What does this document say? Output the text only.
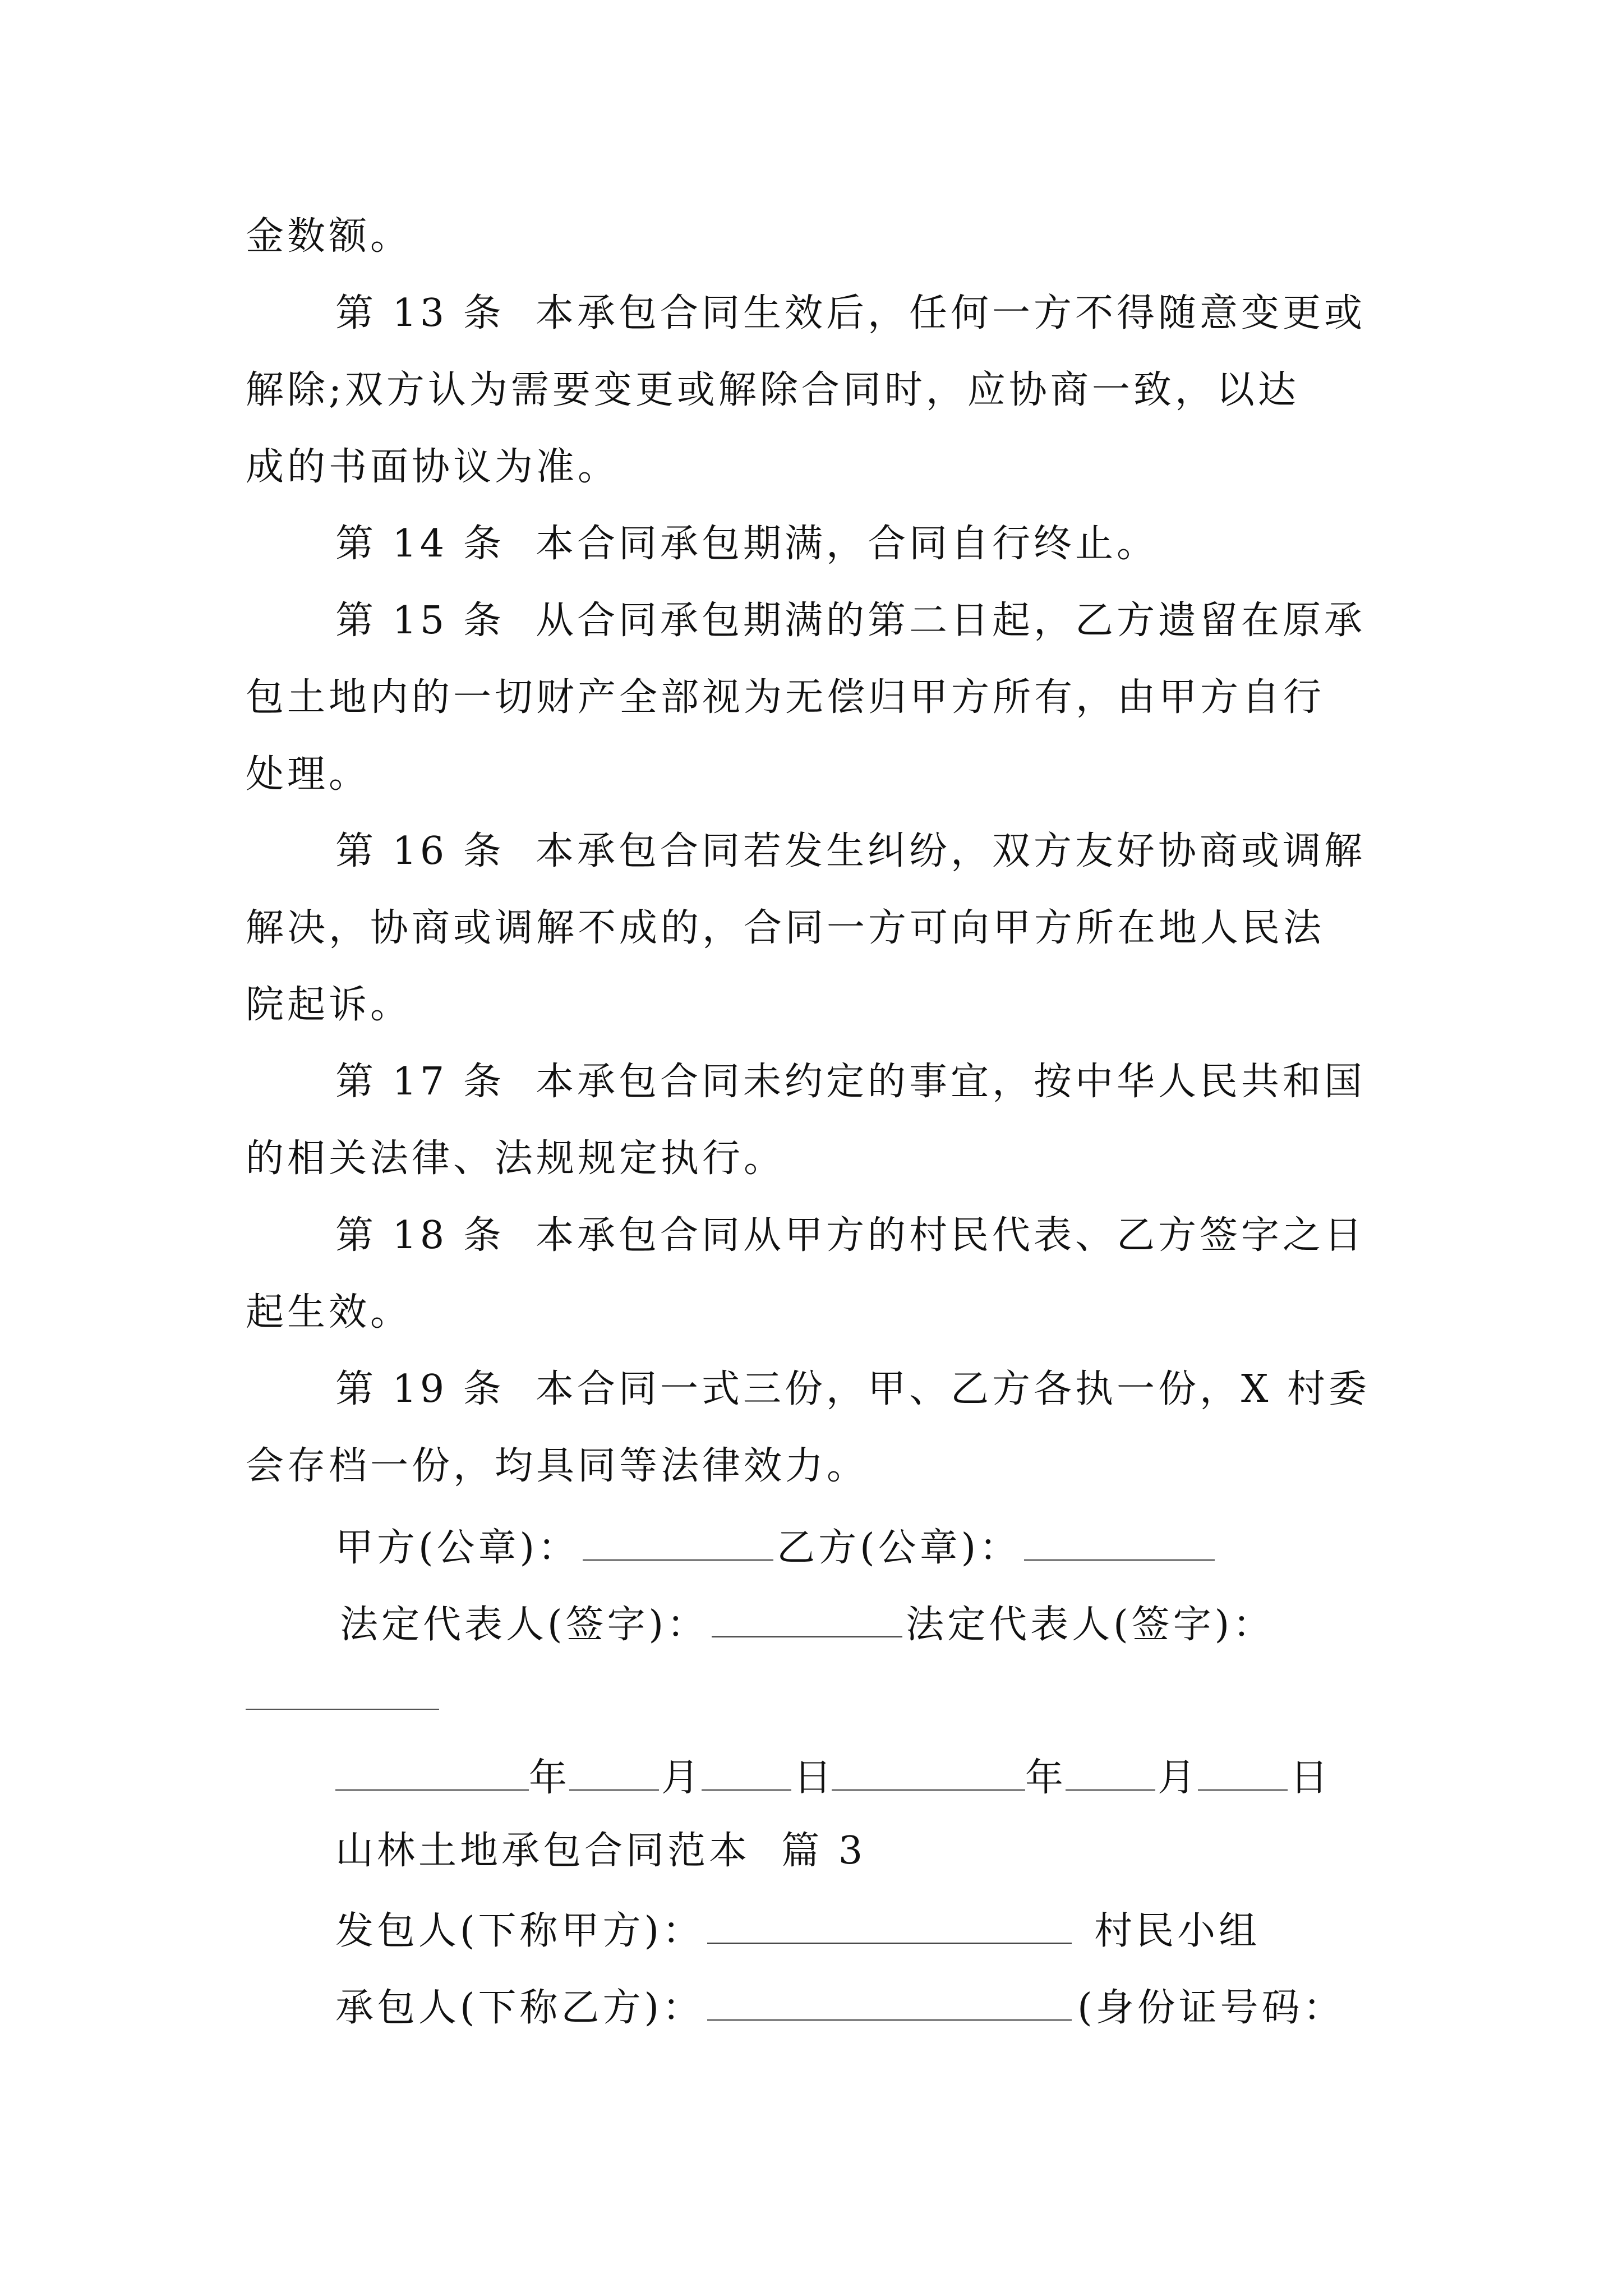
金数额。
第 13 条  本承包合同生效后，任何一方不得随意变更或
解除;双方认为需要变更或解除合同时，应协商一致，以达
成的书面协议为准。
第 14 条  本合同承包期满，合同自行终止。
第 15 条  从合同承包期满的第二日起，乙方遗留在原承
包土地内的一切财产全部视为无偿归甲方所有，由甲方自行
处理。
第 16 条  本承包合同若发生纠纷，双方友好协商或调解
解决，协商或调解不成的，合同一方可向甲方所在地人民法
院起诉。
第 17 条  本承包合同未约定的事宜，按中华人民共和国
的相关法律、法规规定执行。
第 18 条  本承包合同从甲方的村民代表、乙方签字之日
起生效。
第 19 条  本合同一式三份，甲、乙方各执一份，X 村委
会存档一份，均具同等法律效力。
甲方(公章)：	乙方(公章)：
法定代表人(签字)：	法定代表人(签字)：
年 月 日	年 月 日
山林土地承包合同范本  篇 3
发包人(下称甲方)：	村民小组
承包人(下称乙方)：	(身份证号码：
